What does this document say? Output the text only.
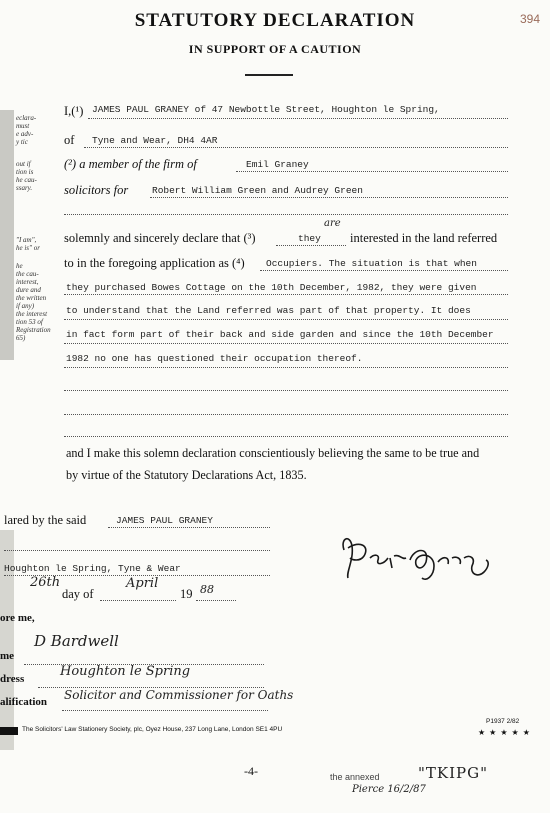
394
STATUTORY DECLARATION
IN SUPPORT OF A CAUTION
eclara-
must
e adv-
y tic
out if
tion is
he cau-
ssary.
"I am",
he is" or
he
the cau-
interest,
dure and
the written
if any)
the interest
tion 53 of
Registration
65)
I,(¹) JAMES PAUL GRANEY of 47 Newbottle Street, Houghton le Spring,
of Tyne and Wear, DH4 4AR
(²) a member of the firm of	Emil Graney
solicitors for	Robert William Green and Audrey Green
solemnly and sincerely declare that (³)	they
are
interested in the land referred
to in the foregoing application as (⁴) Occupiers. The situation is that when
they purchased Bowes Cottage on the 10th December, 1982, they were given
to understand that the Land referred was part of that property. It does
in fact form part of their back and side garden and since the 10th December
1982 no one has questioned their occupation thereof.
and I make this solemn declaration conscientiously believing the same to be true and
by virtue of the Statutory Declarations Act, 1835.
lared by the said	JAMES PAUL GRANEY
Houghton le Spring, Tyne & Wear
26th
day of
April
19 88
ore me,
me
D Bardwell
dress	Houghton le Spring
alification Solicitor and Commissioner for Oaths
The Solicitors' Law Stationery Society, plc, Oyez House, 237 Long Lane, London SE1 4PU
P1937 2/82
★ ★ ★ ★ ★
-4-	the annexed	"TKIPG"
Pierce 16/2/87
